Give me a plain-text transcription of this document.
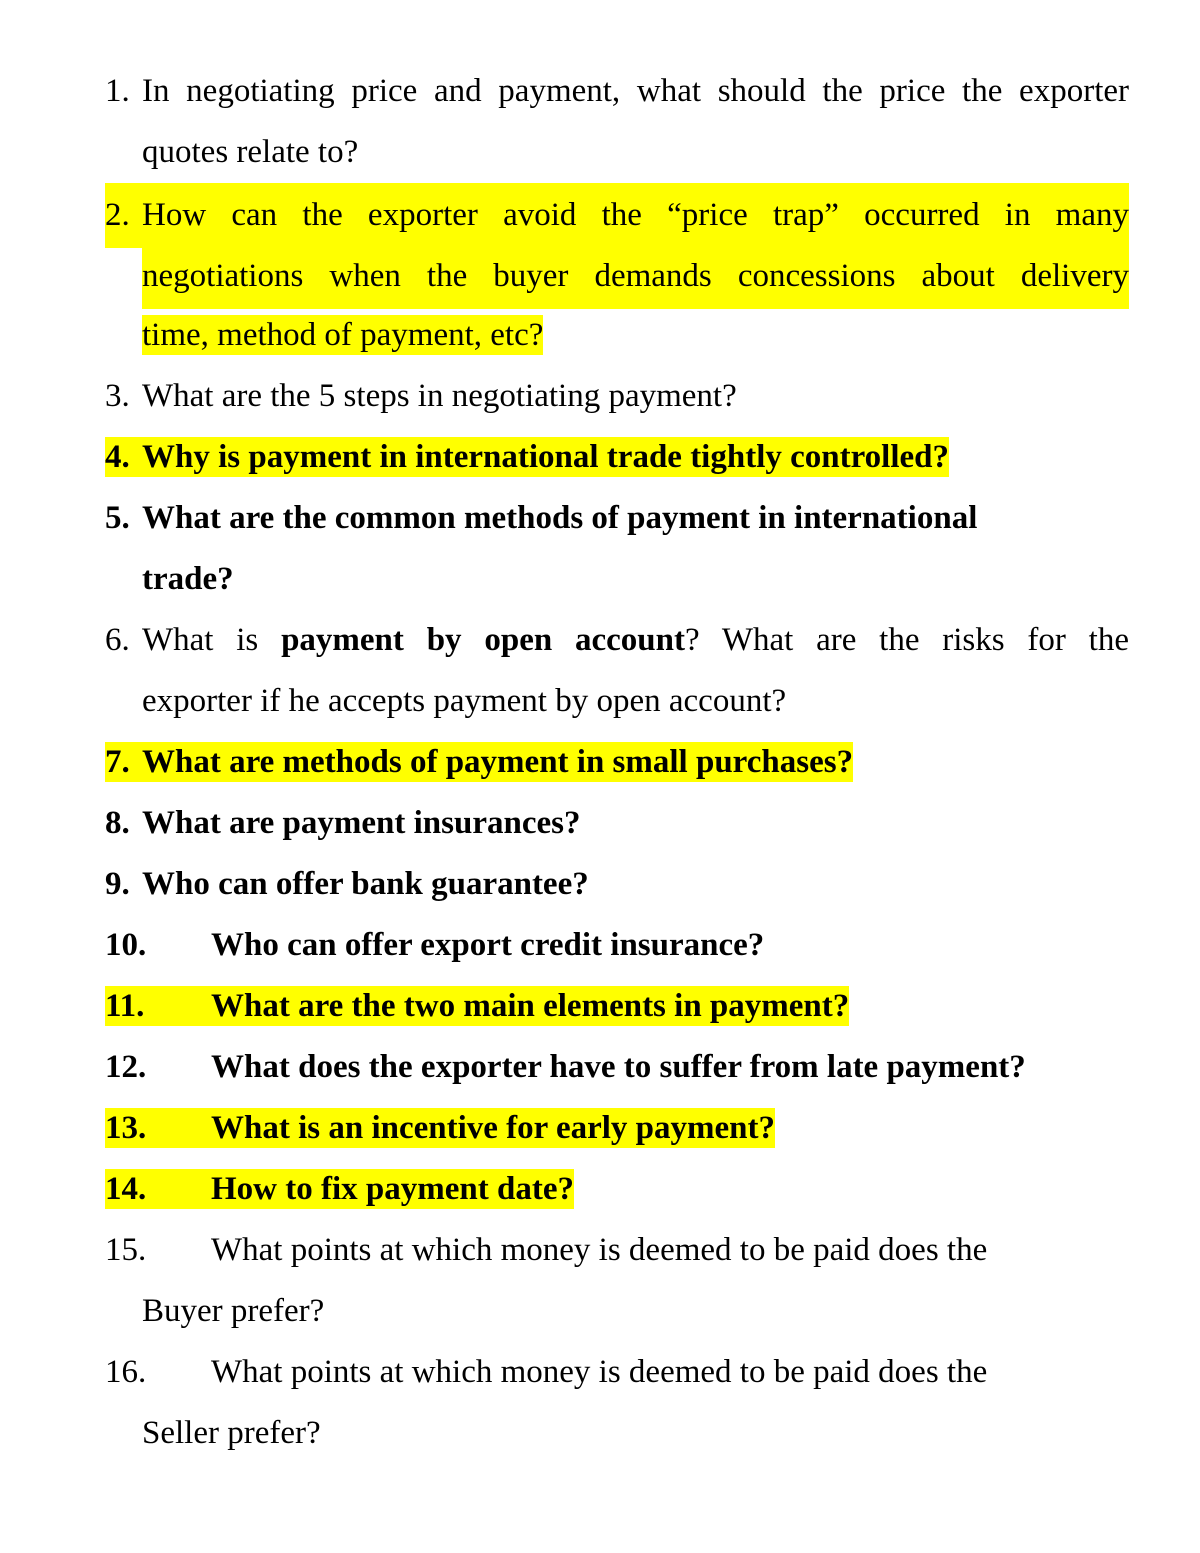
1. In negotiating price and payment, what should the price the exporter
quotes relate to?
2. How can the exporter avoid the “price trap” occurred in many
negotiations when the buyer demands concessions about delivery
time, method of payment, etc?
3. What are the 5 steps in negotiating payment?
4. Why is payment in international trade tightly controlled?
5. What are the common methods of payment in international
trade?
6. What is payment by open account? What are the risks for the
exporter if he accepts payment by open account?
7. What are methods of payment in small purchases?
8. What are payment insurances?
9. Who can offer bank guarantee?
10. Who can offer export credit insurance?
11. What are the two main elements in payment?
12. What does the exporter have to suffer from late payment?
13. What is an incentive for early payment?
14. How to fix payment date?
15. What points at which money is deemed to be paid does the
Buyer prefer?
16. What points at which money is deemed to be paid does the
Seller prefer?
